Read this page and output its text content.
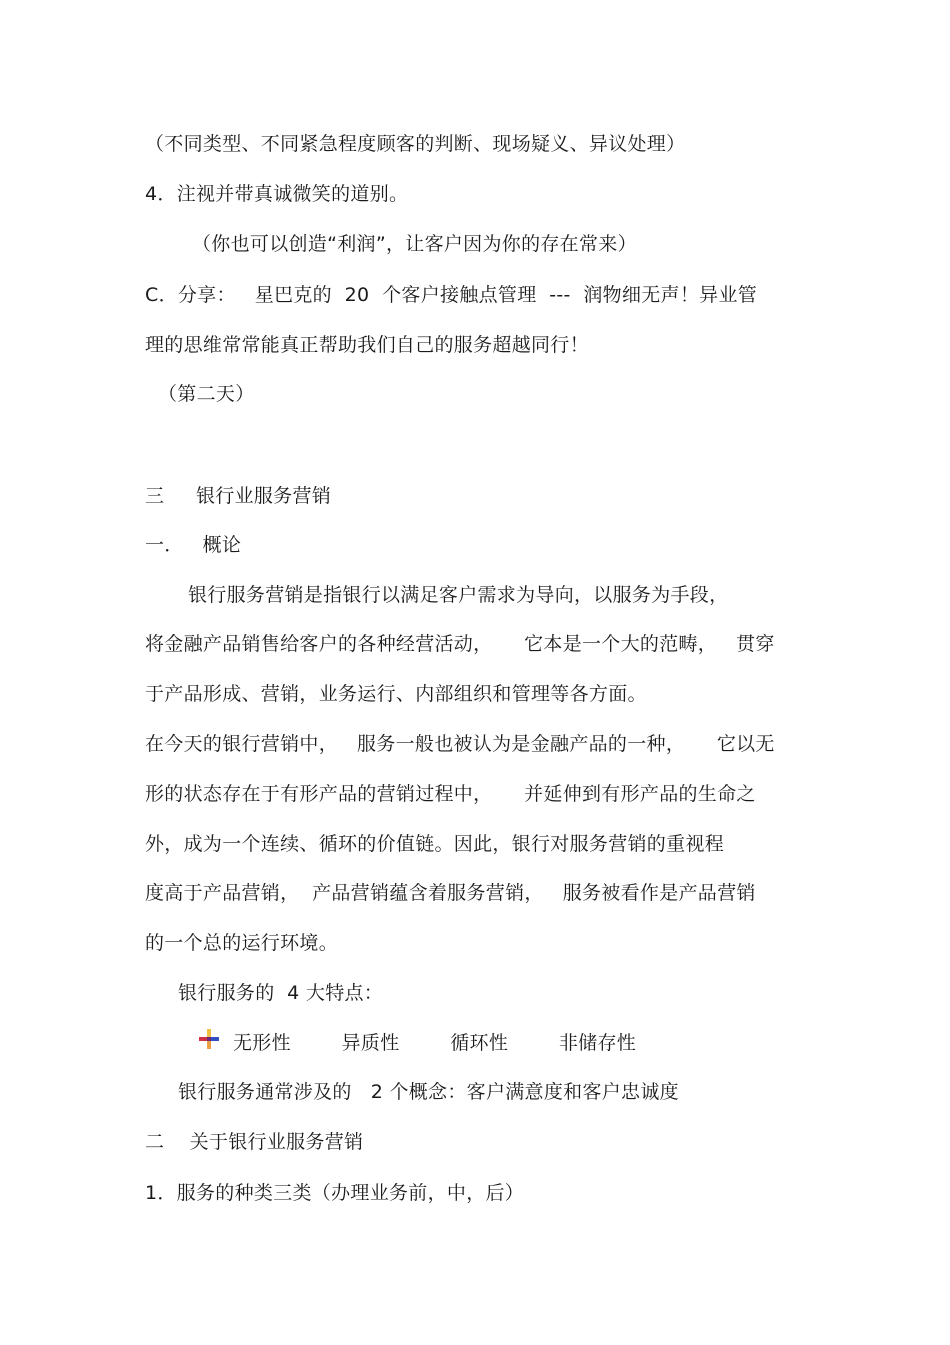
（不同类型、不同紧急程度顾客的判断、现场疑义、异议处理）
4．注视并带真诚微笑的道别。
（你也可以创造“利润”，让客户因为你的存在常来）
C．分享：   星巴克的  20  个客户接触点管理  ---  润物细无声！异业管
理的思维常常能真正帮助我们自己的服务超越同行！
（第二天）
三     银行业服务营销
一．   概论
银行服务营销是指银行以满足客户需求为导向，以服务为手段，
将金融产品销售给客户的各种经营活动，     它本是一个大的范畴，   贯穿
于产品形成、营销，业务运行、内部组织和管理等各方面。
在今天的银行营销中，   服务一般也被认为是金融产品的一种，     它以无
形的状态存在于有形产品的营销过程中，     并延伸到有形产品的生命之
外，成为一个连续、循环的价值链。因此，银行对服务营销的重视程
度高于产品营销，  产品营销蕴含着服务营销，   服务被看作是产品营销
的一个总的运行环境。
银行服务的  4 大特点：
无形性        异质性        循环性        非储存性
银行服务通常涉及的   2 个概念：客户满意度和客户忠诚度
二    关于银行业服务营销
1．服务的种类三类（办理业务前，中，后）
